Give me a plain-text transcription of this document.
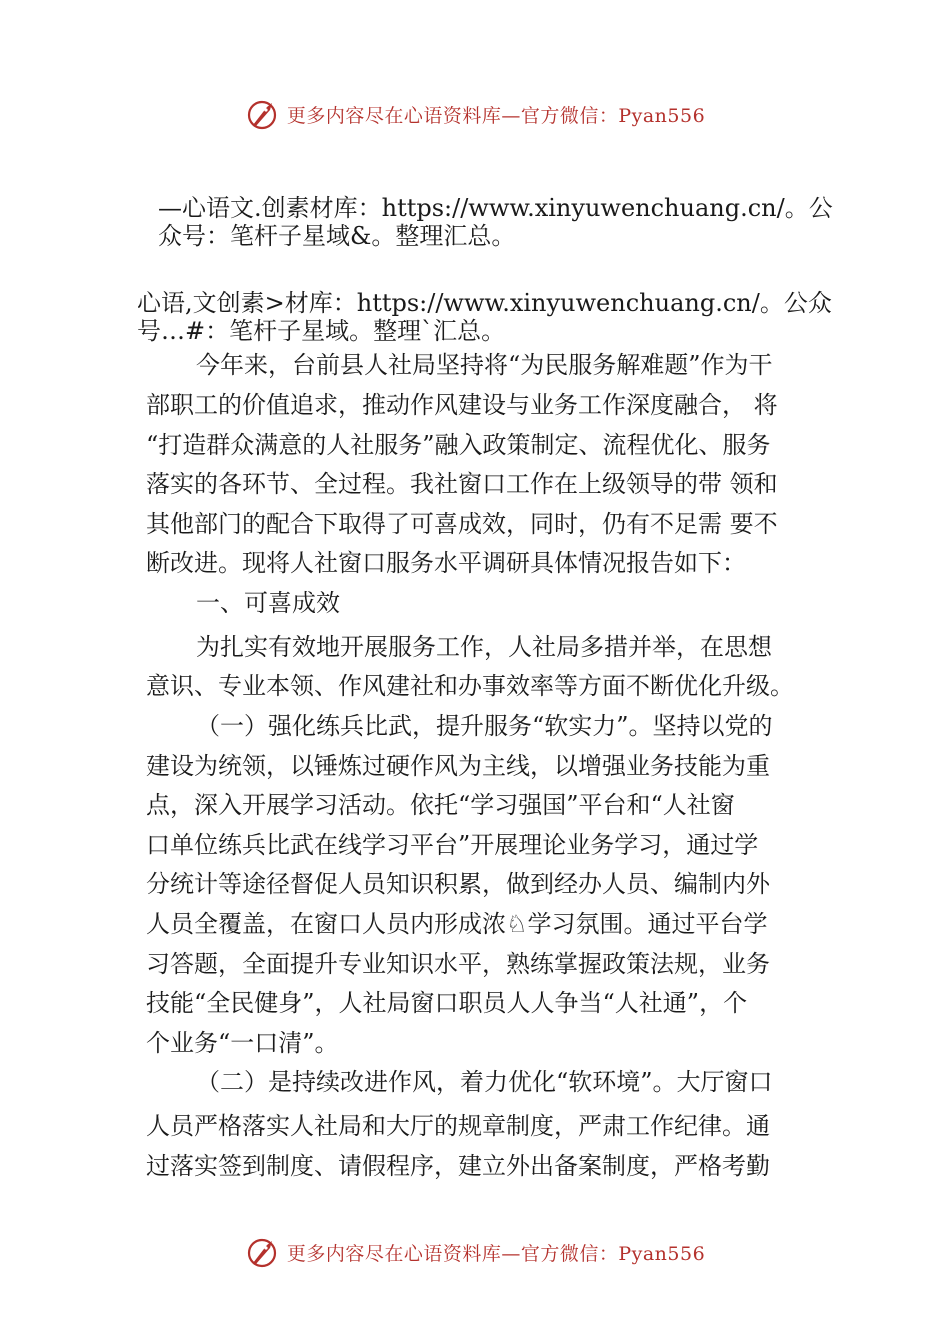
更多内容尽在心语资料库—官方微信：Pyan556
—心语文.创素材库：https://www.xinyuwenchuang.cn/。公
众号：笔杆子星域&。整理汇总。
心语,文创素>材库：https://www.xinyuwenchuang.cn/。公众
号…#：笔杆子星域。整理`汇总。
今年来，台前县人社局坚持将“为民服务解难题”作为干
部职工的价值追求，推动作风建设与业务工作深度融合， 将
“打造群众满意的人社服务”融入政策制定、流程优化、服务
落实的各环节、全过程。我社窗口工作在上级领导的带 领和
其他部门的配合下取得了可喜成效，同时，仍有不足需 要不
断改进。现将人社窗口服务水平调研具体情况报告如下：
一、可喜成效
为扎实有效地开展服务工作，人社局多措并举，在思想
意识、专业本领、作风建社和办事效率等方面不断优化升级。
（一）强化练兵比武，提升服务“软实力”。坚持以党的
建设为统领，以锤炼过硬作风为主线，以增强业务技能为重
点，深入开展学习活动。依托“学习强国”平台和“人社窗
口单位练兵比武在线学习平台”开展理论业务学习，通过学
分统计等途径督促人员知识积累，做到经办人员、编制内外
人员全覆盖，在窗口人员内形成浓♘学习氛围。通过平台学
习答题，全面提升专业知识水平，熟练掌握政策法规，业务
技能“全民健身”，人社局窗口职员人人争当“人社通”，个
个业务“一口清”。
（二）是持续改进作风，着力优化“软环境”。大厅窗口
人员严格落实人社局和大厅的规章制度，严肃工作纪律。通
过落实签到制度、请假程序，建立外出备案制度，严格考勤
更多内容尽在心语资料库—官方微信：Pyan556
